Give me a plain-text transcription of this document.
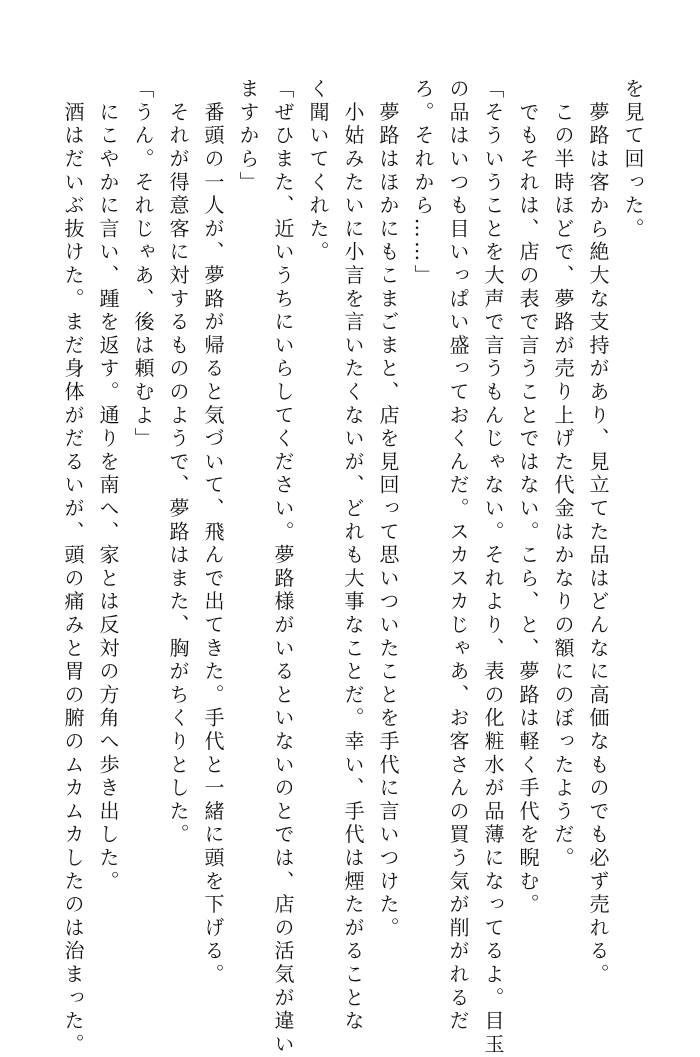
を見て回った。
　夢路は客から絶大な支持があり、見立てた品はどんなに高価なものでも必ず売れる。
　この半時ほどで、夢路が売り上げた代金はかなりの額にのぼったようだ。
　でもそれは、店の表で言うことではない。こら、と、夢路は軽く手代を睨む。
「そういうことを大声で言うもんじゃない。それより、表の化粧水が品薄になってるよ。目玉
の品はいつも目いっぱい盛っておくんだ。スカスカじゃあ、お客さんの買う気が削がれるだ
ろ。それから……」
　夢路はほかにもこまごまと、店を見回って思いついたことを手代に言いつけた。
　小姑みたいに小言を言いたくないが、どれも大事なことだ。幸い、手代は煙たがることな
く聞いてくれた。
「ぜひまた、近いうちにいらしてください。夢路様がいるといないのとでは、店の活気が違い
ますから」
　番頭の一人が、夢路が帰ると気づいて、飛んで出てきた。手代と一緒に頭を下げる。
　それが得意客に対するもののようで、夢路はまた、胸がちくりとした。
「うん。それじゃあ、後は頼むよ」
　にこやかに言い、踵を返す。通りを南へ、家とは反対の方角へ歩き出した。
　酒はだいぶ抜けた。まだ身体がだるいが、頭の痛みと胃の腑のムカムカしたのは治まった。
